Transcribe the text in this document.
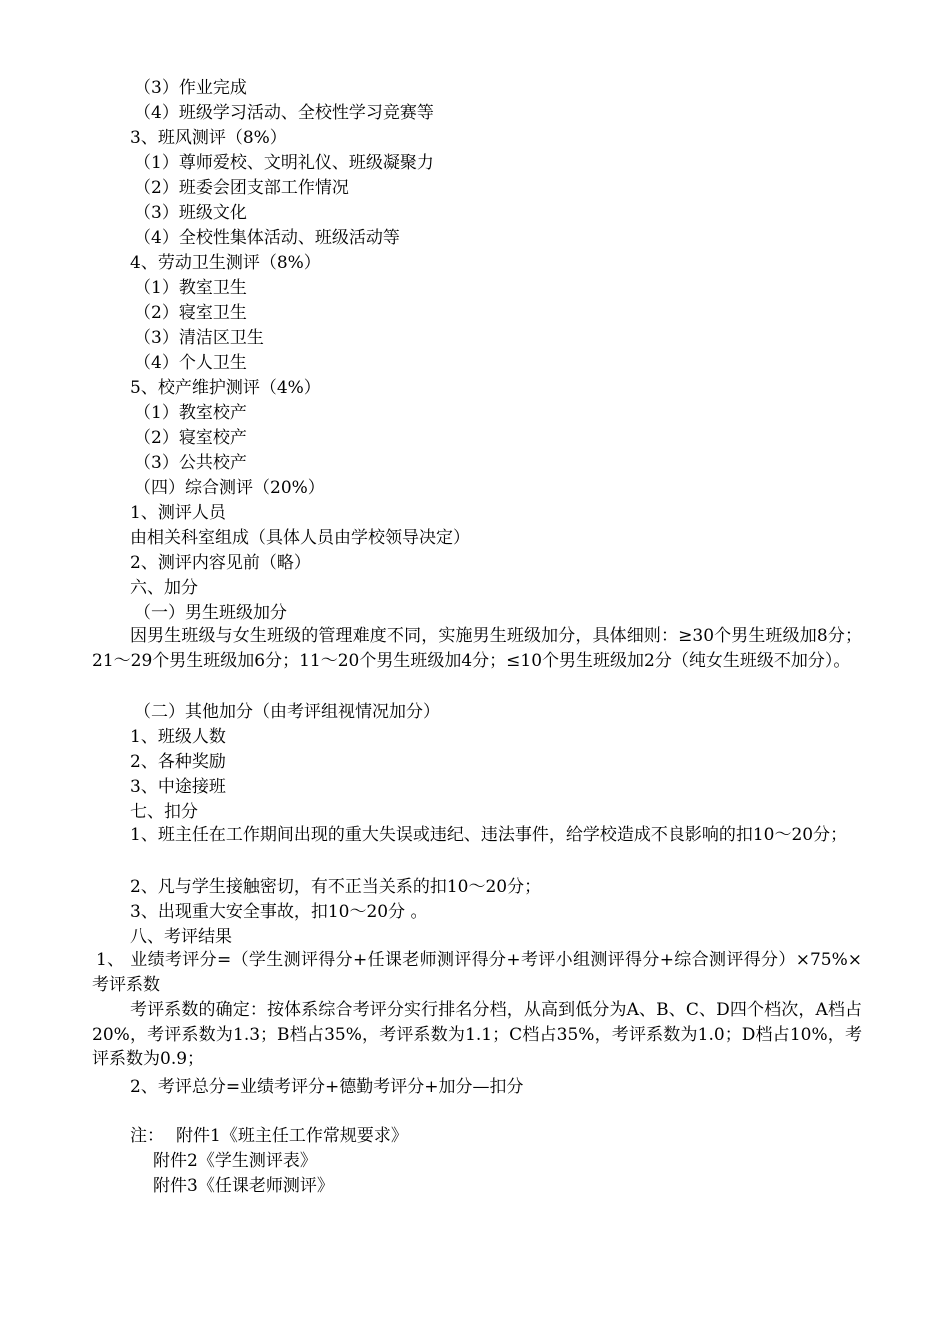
（3）作业完成
（4）班级学习活动、全校性学习竞赛等
3、班风测评（8%）
（1）尊师爱校、文明礼仪、班级凝聚力
（2）班委会团支部工作情况
（3）班级文化
（4）全校性集体活动、班级活动等
4、劳动卫生测评（8%）
（1）教室卫生
（2）寝室卫生
（3）清洁区卫生
（4）个人卫生
5、校产维护测评（4%）
（1）教室校产
（2）寝室校产
（3）公共校产
（四）综合测评（20%）
1、测评人员
由相关科室组成（具体人员由学校领导决定）
2、测评内容见前（略）
六、加分
（一）男生班级加分
因男生班级与女生班级的管理难度不同，实施男生班级加分，具体细则：≥30个男生班级加8分；21～29个男生班级加6分；11～20个男生班级加4分；≤10个男生班级加2分（纯女生班级不加分）。
（二）其他加分（由考评组视情况加分）
1、班级人数
2、各种奖励
3、中途接班
七、扣分
1、班主任在工作期间出现的重大失误或违纪、违法事件，给学校造成不良影响的扣10～20分；
2、凡与学生接触密切，有不正当关系的扣10～20分；
3、出现重大安全事故，扣10～20分 。
八、考评结果
1、 业绩考评分=（学生测评得分+任课老师测评得分+考评小组测评得分+综合测评得分）×75%×考评系数
考评系数的确定：按体系综合考评分实行排名分档，从高到低分为A、B、C、D四个档次，A档占20%，考评系数为1.3；B档占35%，考评系数为1.1；C档占35%，考评系数为1.0；D档占10%，考评系数为0.9；
2、考评总分=业绩考评分+德勤考评分+加分—扣分
注： 附件1《班主任工作常规要求》
附件2《学生测评表》
附件3《任课老师测评》
